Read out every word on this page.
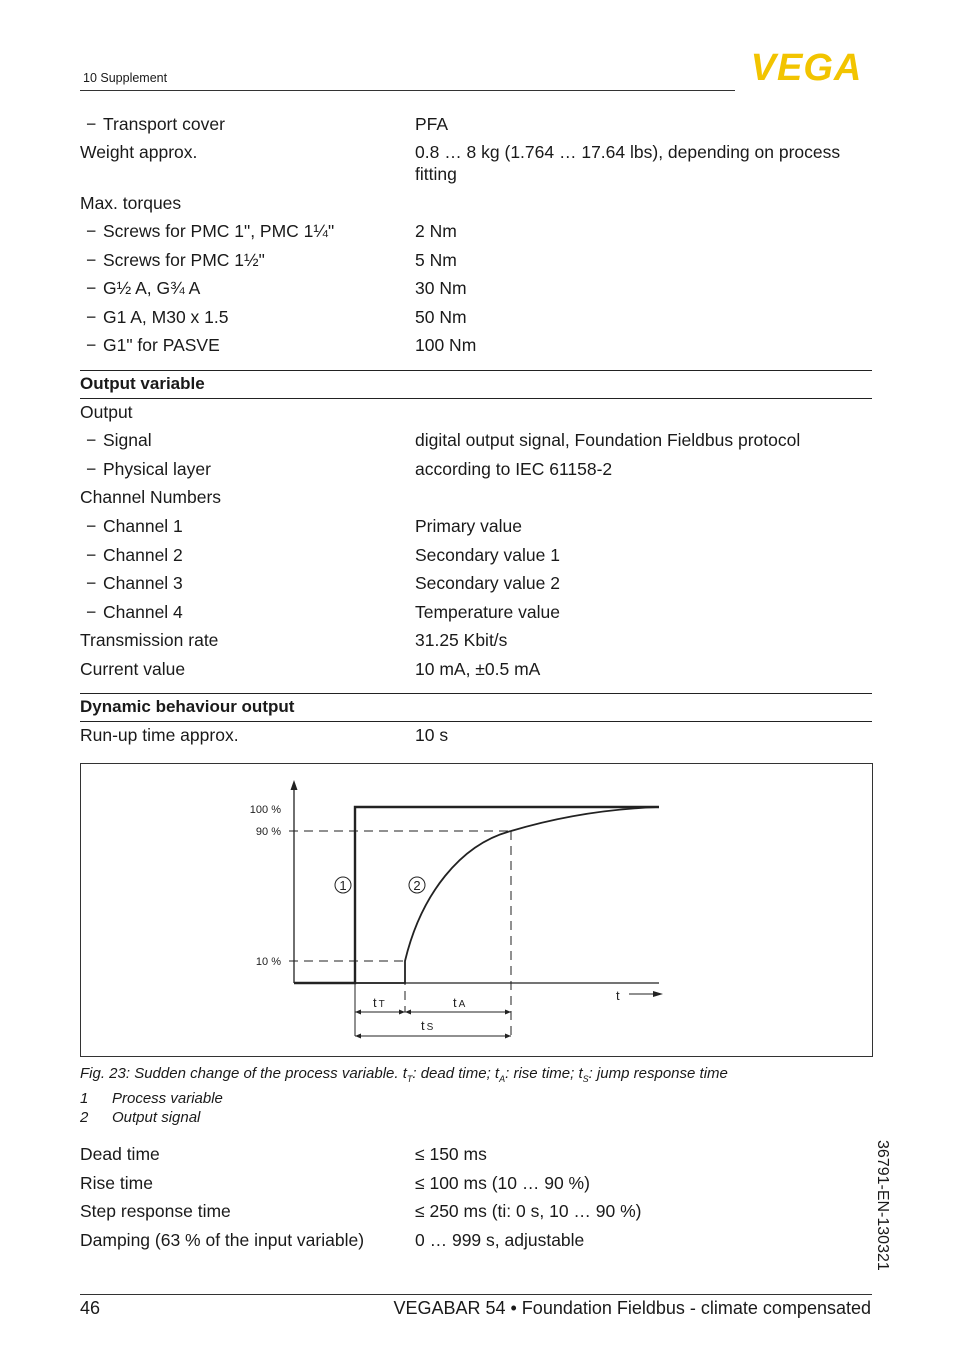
10 Supplement	VEGA
− Transport cover	PFA
Weight approx.	0.8 … 8 kg (1.764 … 17.64 lbs), depending on process fitting
Max. torques
− Screws for PMC 1", PMC 1¼"	2 Nm
− Screws for PMC 1½"	5 Nm
− G½ A, G¾ A	30 Nm
− G1 A, M30 x 1.5	50 Nm
− G1" for PASVE	100 Nm
Output variable
Output
− Signal	digital output signal, Foundation Fieldbus protocol
− Physical layer	according to IEC 61158-2
Channel Numbers
− Channel 1	Primary value
− Channel 2	Secondary value 1
− Channel 3	Secondary value 2
− Channel 4	Temperature value
Transmission rate	31.25 Kbit/s
Current value	10 mA, ±0.5 mA
Dynamic behaviour output
Run-up time approx.	10 s
100 %
90 %
10 %
1	2
t
t T	t A
t S
Fig. 23: Sudden change of the process variable. $t_T$: dead time; $t_A$: rise time; $t_S$: jump response time
1 Process variable
2 Output signal
Dead time	≤ 150 ms
Rise time	≤ 100 ms (10 … 90 %)
Step response time	≤ 250 ms (ti: 0 s, 10 … 90 %)
Damping (63 % of the input variable)	0 … 999 s, adjustable	36791-EN-130321
46	VEGABAR 54 • Foundation Fieldbus - climate compensated
